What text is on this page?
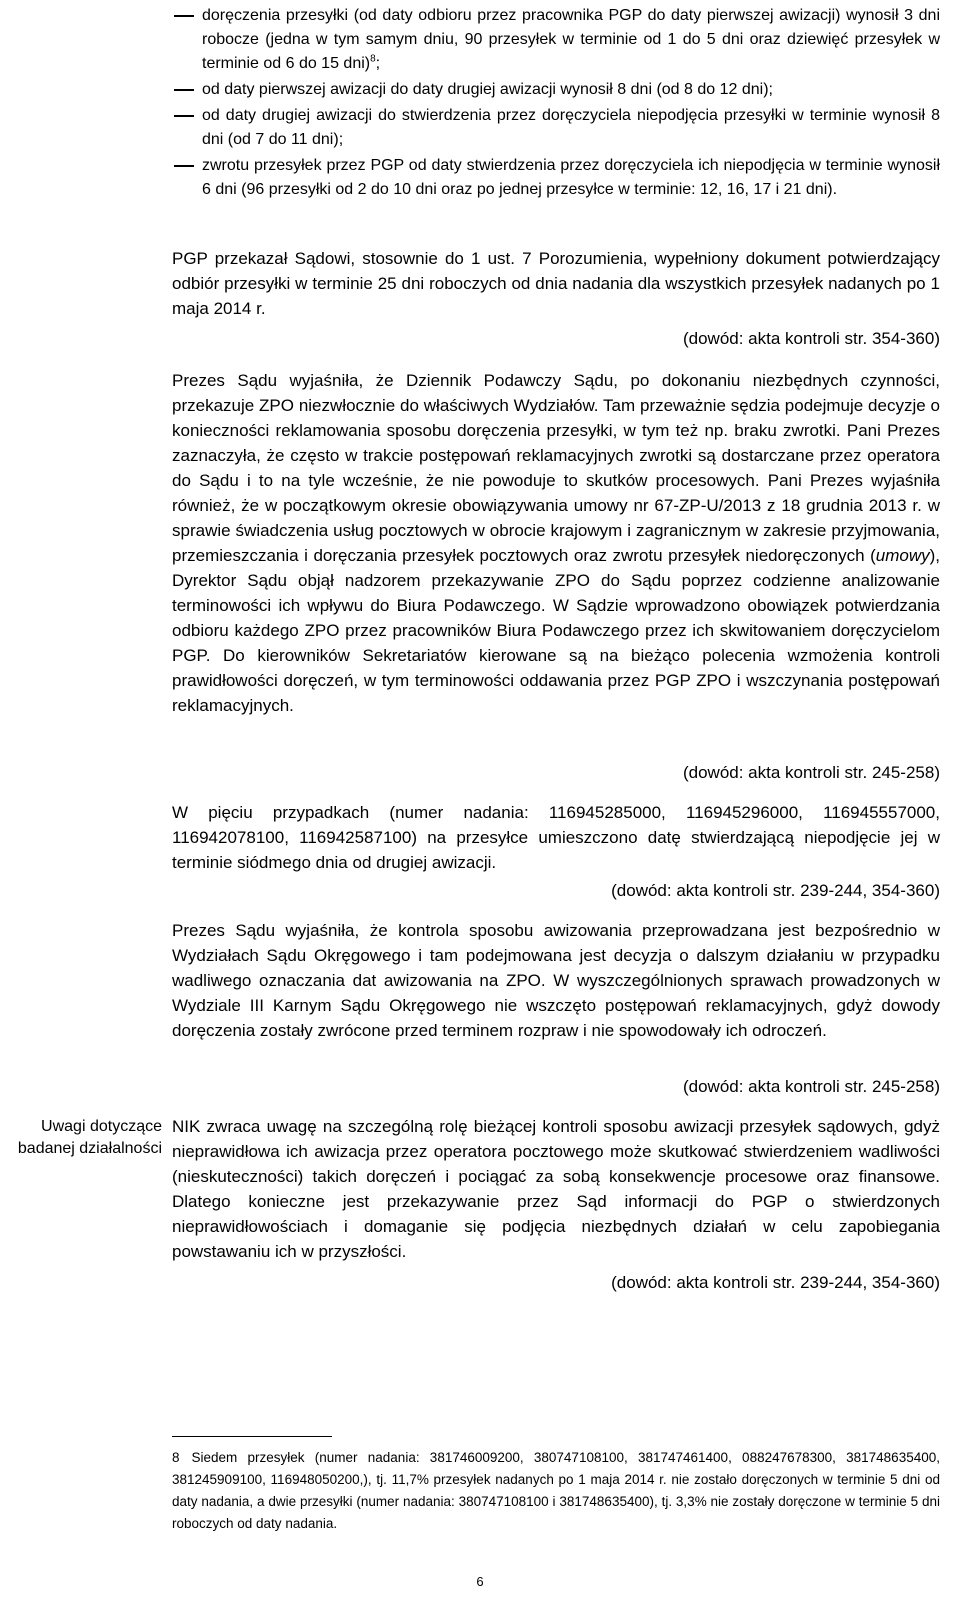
Uwagi dotyczące badanej działalności
doręczenia przesyłki (od daty odbioru przez pracownika PGP do daty pierwszej awizacji) wynosił 3 dni robocze (jedna w tym samym dniu, 90 przesyłek w terminie od 1 do 5 dni oraz dziewięć przesyłek w terminie od 6 do 15 dni)$^8$;
od daty pierwszej awizacji do daty drugiej awizacji wynosił 8 dni (od 8 do 12 dni);
od daty drugiej awizacji do stwierdzenia przez doręczyciela niepodjęcia przesyłki w terminie wynosił 8 dni (od 7 do 11 dni);
zwrotu przesyłek przez PGP od daty stwierdzenia przez doręczyciela ich niepodjęcia w terminie wynosił 6 dni (96 przesyłki od 2 do 10 dni oraz po jednej przesyłce w terminie: 12, 16, 17 i 21 dni).

PGP przekazał Sądowi, stosownie do 1 ust. 7 Porozumienia, wypełniony dokument potwierdzający odbiór przesyłki w terminie 25 dni roboczych od dnia nadania dla wszystkich przesyłek nadanych po 1 maja 2014 r.

(dowód: akta kontroli str. 354-360)

Prezes Sądu wyjaśniła, że Dziennik Podawczy Sądu, po dokonaniu niezbędnych czynności, przekazuje ZPO niezwłocznie do właściwych Wydziałów. Tam przeważnie sędzia podejmuje decyzje o konieczności reklamowania sposobu doręczenia przesyłki, w tym też np. braku zwrotki. Pani Prezes zaznaczyła, że często w trakcie postępowań reklamacyjnych zwrotki są dostarczane przez operatora do Sądu i to na tyle wcześnie, że nie powoduje to skutków procesowych. Pani Prezes wyjaśniła również, że w początkowym okresie obowiązywania umowy nr 67-ZP-U/2013 z 18 grudnia 2013 r. w sprawie świadczenia usług pocztowych w obrocie krajowym i zagranicznym w zakresie przyjmowania, przemieszczania i doręczania przesyłek pocztowych oraz zwrotu przesyłek niedoręczonych (umowy), Dyrektor Sądu objął nadzorem przekazywanie ZPO do Sądu poprzez codzienne analizowanie terminowości ich wpływu do Biura Podawczego. W Sądzie wprowadzono obowiązek potwierdzania odbioru każdego ZPO przez pracowników Biura Podawczego przez ich skwitowaniem doręczycielom PGP. Do kierowników Sekretariatów kierowane są na bieżąco polecenia wzmożenia kontroli prawidłowości doręczeń, w tym terminowości oddawania przez PGP ZPO i wszczynania postępowań reklamacyjnych.

(dowód: akta kontroli str. 245-258)

W pięciu przypadkach (numer nadania: 116945285000, 116945296000, 116945557000, 116942078100, 116942587100) na przesyłce umieszczono datę stwierdzającą niepodjęcie jej w terminie siódmego dnia od drugiej awizacji.

(dowód: akta kontroli str. 239-244, 354-360)

Prezes Sądu wyjaśniła, że kontrola sposobu awizowania przeprowadzana jest bezpośrednio w Wydziałach Sądu Okręgowego i tam podejmowana jest decyzja o dalszym działaniu w przypadku wadliwego oznaczania dat awizowania na ZPO. W wyszczególnionych sprawach prowadzonych w Wydziale III Karnym Sądu Okręgowego nie wszczęto postępowań reklamacyjnych, gdyż dowody doręczenia zostały zwrócone przed terminem rozpraw i nie spowodowały ich odroczeń.

(dowód: akta kontroli str. 245-258)

NIK zwraca uwagę na szczególną rolę bieżącej kontroli sposobu awizacji przesyłek sądowych, gdyż nieprawidłowa ich awizacja przez operatora pocztowego może skutkować stwierdzeniem wadliwości (nieskuteczności) takich doręczeń i pociągać za sobą konsekwencje procesowe oraz finansowe. Dlatego konieczne jest przekazywanie przez Sąd informacji do PGP o stwierdzonych nieprawidłowościach i domaganie się podjęcia niezbędnych działań w celu zapobiegania powstawaniu ich w przyszłości.

(dowód: akta kontroli str. 239-244, 354-360)

8 Siedem przesyłek (numer nadania: 381746009200, 380747108100, 381747461400, 088247678300, 381748635400, 381245909100, 116948050200,), tj. 11,7% przesyłek nadanych po 1 maja 2014 r. nie zostało doręczonych w terminie 5 dni od daty nadania, a dwie przesyłki (numer nadania: 380747108100 i 381748635400), tj. 3,3% nie zostały doręczone w terminie 5 dni roboczych od daty nadania.

6
